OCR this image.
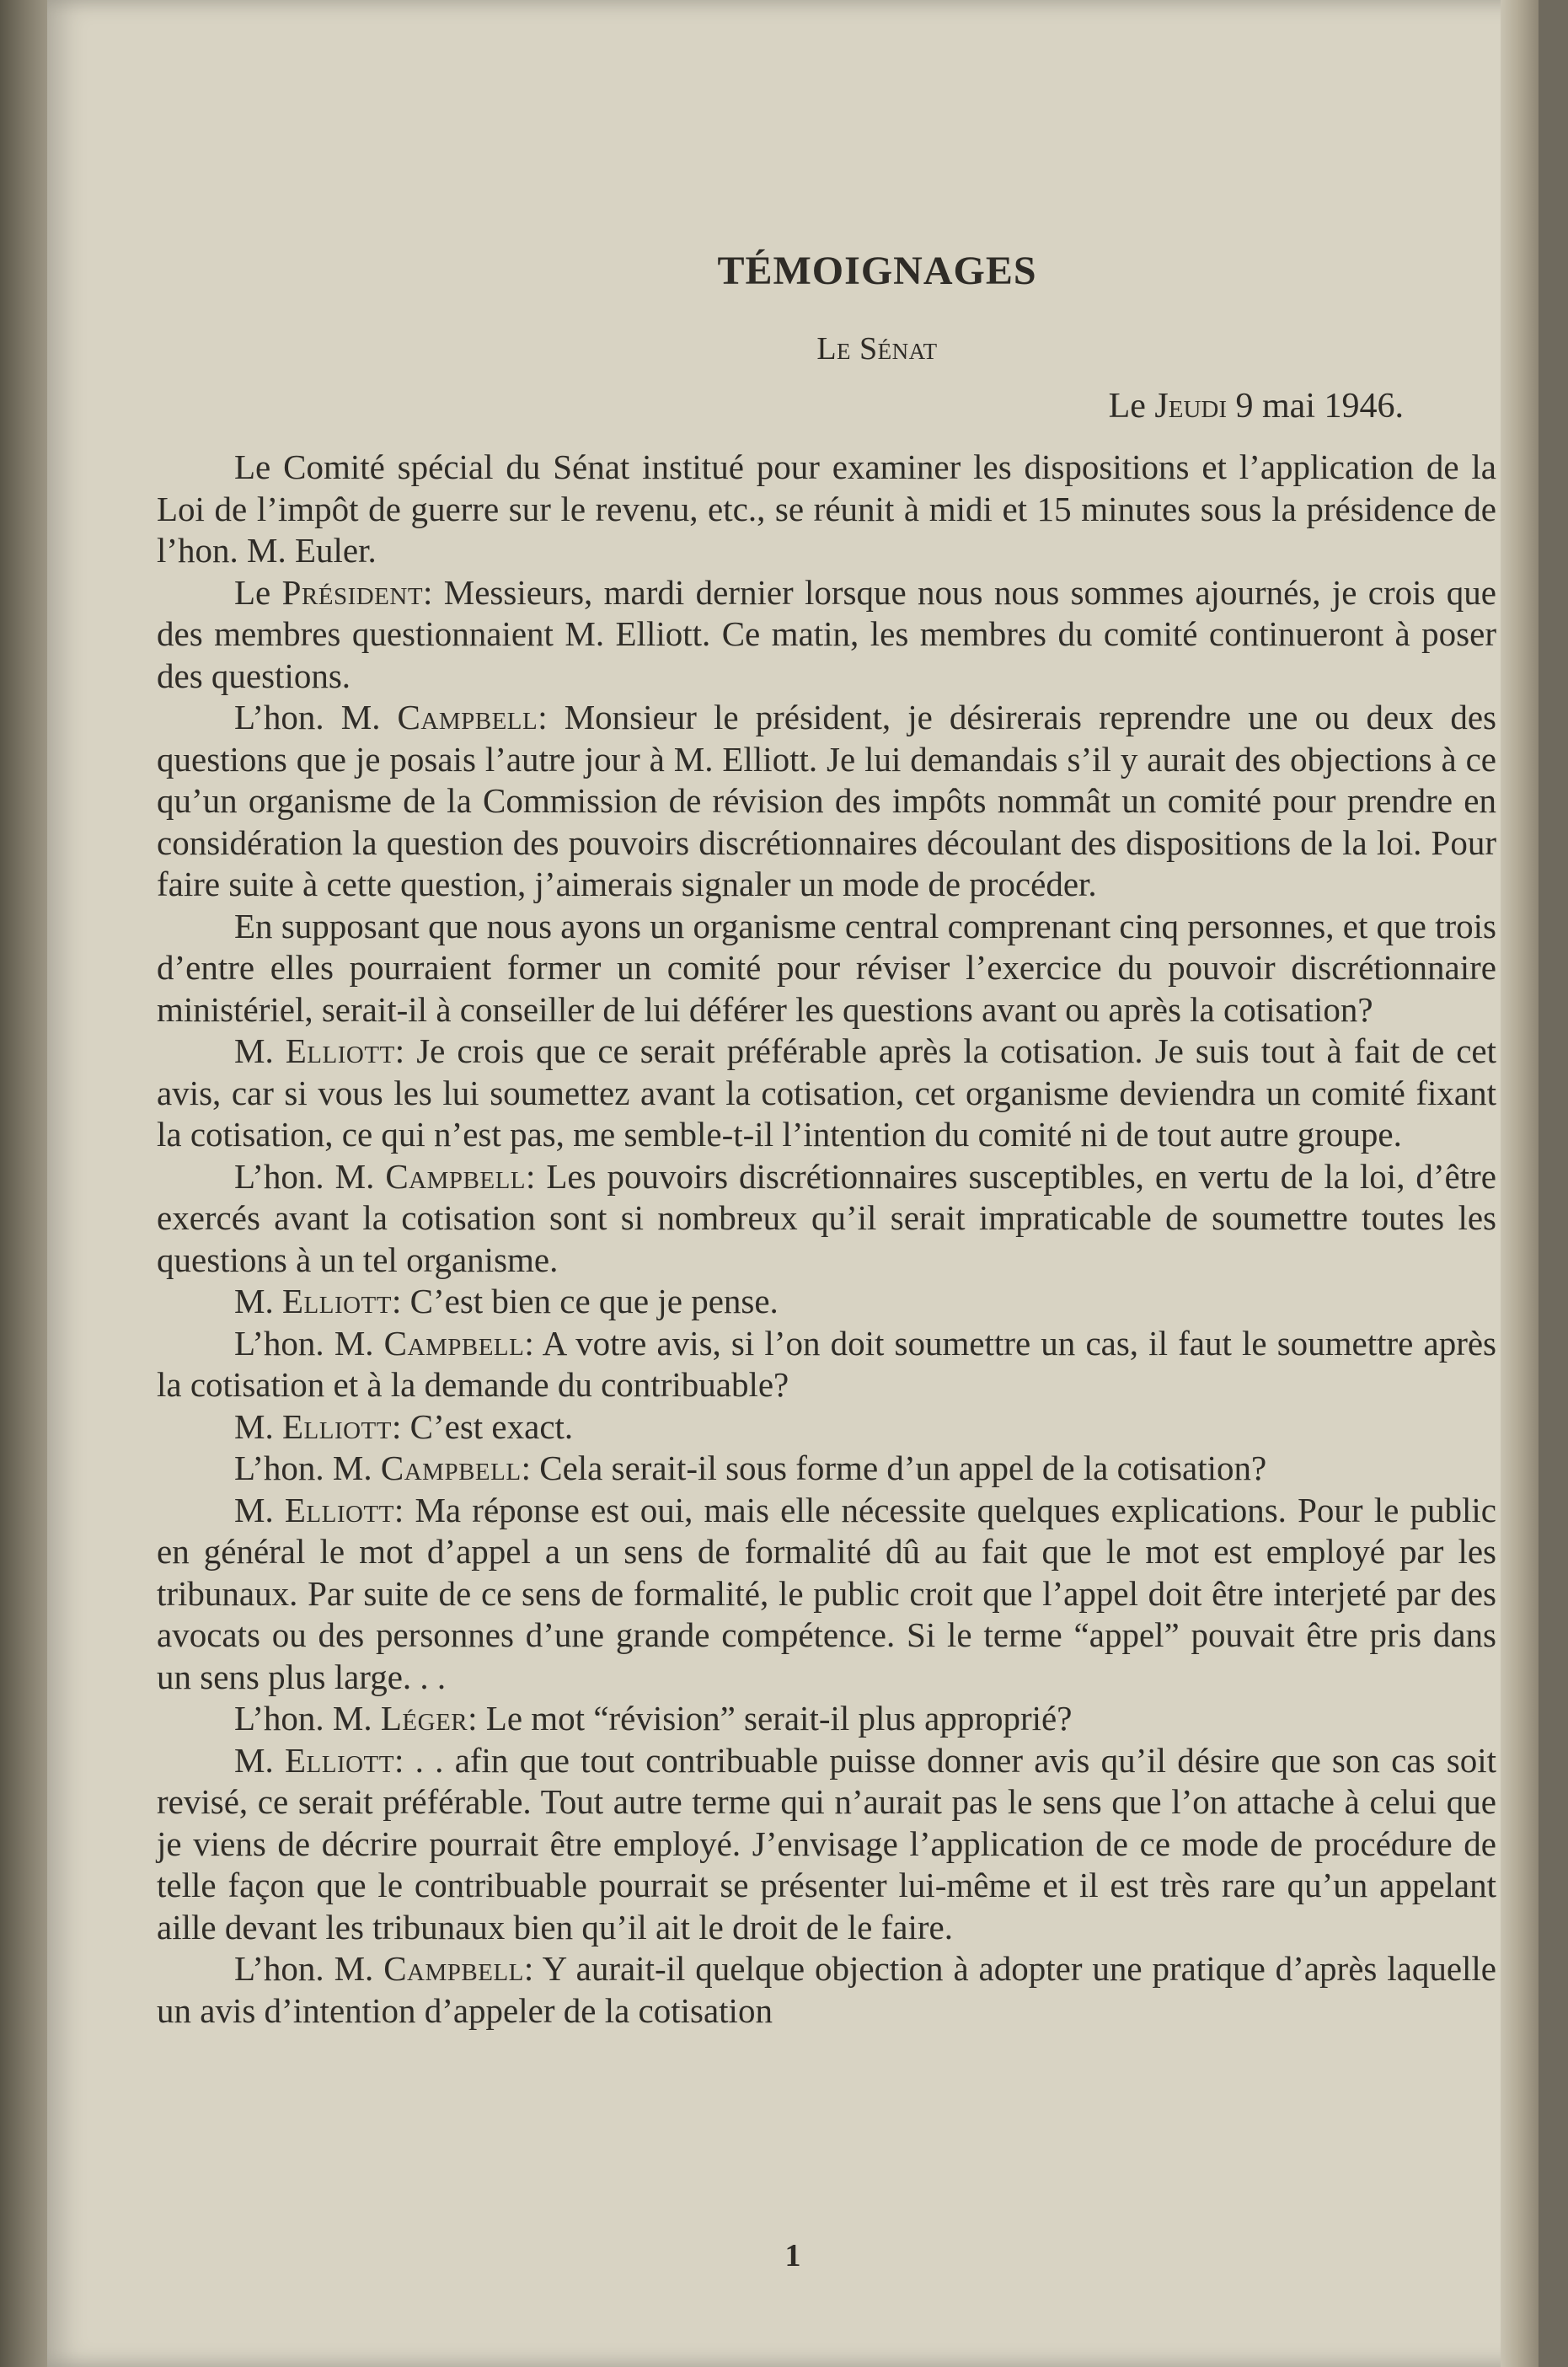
TÉMOIGNAGES
Le Sénat
Le Jeudi 9 mai 1946.

Le Comité spécial du Sénat institué pour examiner les dispositions et l’application de la Loi de l’impôt de guerre sur le revenu, etc., se réunit à midi et 15 minutes sous la présidence de l’hon. M. Euler.

Le Président: Messieurs, mardi dernier lorsque nous nous sommes ajournés, je crois que des membres questionnaient M. Elliott. Ce matin, les membres du comité continueront à poser des questions.

L’hon. M. Campbell: Monsieur le président, je désirerais reprendre une ou deux des questions que je posais l’autre jour à M. Elliott. Je lui demandais s’il y aurait des objections à ce qu’un organisme de la Commission de révision des impôts nommât un comité pour prendre en considération la question des pouvoirs discrétionnaires découlant des dispositions de la loi. Pour faire suite à cette question, j’aimerais signaler un mode de procéder.

En supposant que nous ayons un organisme central comprenant cinq personnes, et que trois d’entre elles pourraient former un comité pour réviser l’exercice du pouvoir discrétionnaire ministériel, serait-il à conseiller de lui déférer les questions avant ou après la cotisation?

M. Elliott: Je crois que ce serait préférable après la cotisation. Je suis tout à fait de cet avis, car si vous les lui soumettez avant la cotisation, cet organisme deviendra un comité fixant la cotisation, ce qui n’est pas, me semble-t-il l’intention du comité ni de tout autre groupe.

L’hon. M. Campbell: Les pouvoirs discrétionnaires susceptibles, en vertu de la loi, d’être exercés avant la cotisation sont si nombreux qu’il serait impraticable de soumettre toutes les questions à un tel organisme.

M. Elliott: C’est bien ce que je pense.

L’hon. M. Campbell: A votre avis, si l’on doit soumettre un cas, il faut le soumettre après la cotisation et à la demande du contribuable?

M. Elliott: C’est exact.

L’hon. M. Campbell: Cela serait-il sous forme d’un appel de la cotisation?

M. Elliott: Ma réponse est oui, mais elle nécessite quelques explications. Pour le public en général le mot d’appel a un sens de formalité dû au fait que le mot est employé par les tribunaux. Par suite de ce sens de formalité, le public croit que l’appel doit être interjeté par des avocats ou des personnes d’une grande compétence. Si le terme “appel” pouvait être pris dans un sens plus large. . .

L’hon. M. Léger: Le mot “révision” serait-il plus approprié?

M. Elliott: . . afin que tout contribuable puisse donner avis qu’il désire que son cas soit revisé, ce serait préférable. Tout autre terme qui n’aurait pas le sens que l’on attache à celui que je viens de décrire pourrait être employé. J’envisage l’application de ce mode de procédure de telle façon que le contribuable pourrait se présenter lui-même et il est très rare qu’un appelant aille devant les tribunaux bien qu’il ait le droit de le faire.

L’hon. M. Campbell: Y aurait-il quelque objection à adopter une pratique d’après laquelle un avis d’intention d’appeler de la cotisation

1
